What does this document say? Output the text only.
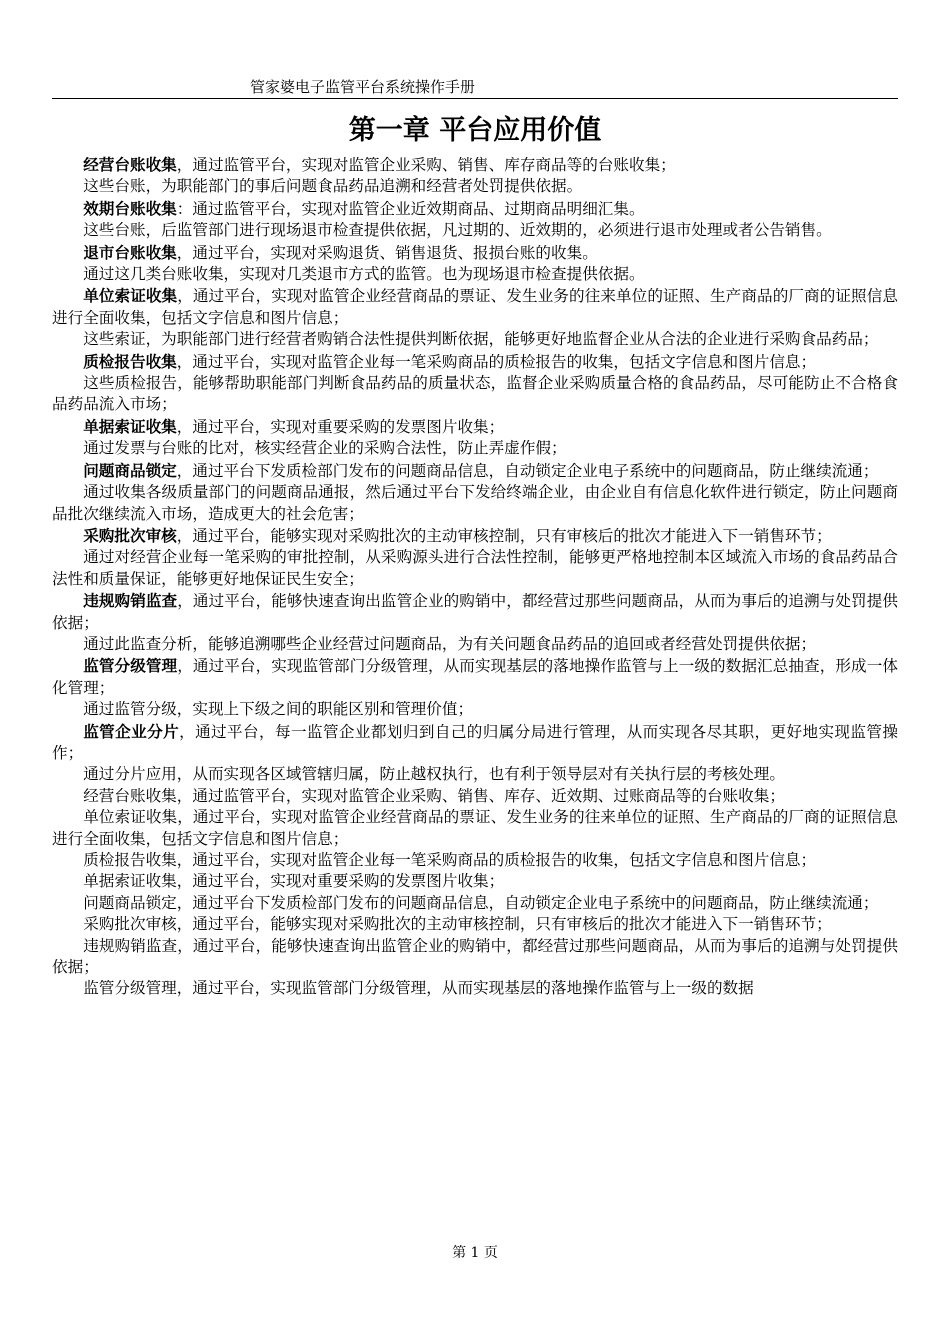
管家婆电子监管平台系统操作手册
第一章 平台应用价值

经营台账收集，通过监管平台，实现对监管企业采购、销售、库存商品等的台账收集；

这些台账，为职能部门的事后问题食品药品追溯和经营者处罚提供依据。

效期台账收集：通过监管平台，实现对监管企业近效期商品、过期商品明细汇集。

这些台账，后监管部门进行现场退市检查提供依据，凡过期的、近效期的，必须进行退市处理或者公告销售。

退市台账收集，通过平台，实现对采购退货、销售退货、报损台账的收集。

通过这几类台账收集，实现对几类退市方式的监管。也为现场退市检查提供依据。

单位索证收集，通过平台，实现对监管企业经营商品的票证、发生业务的往来单位的证照、生产商品的厂商的证照信息进行全面收集，包括文字信息和图片信息；

这些索证，为职能部门进行经营者购销合法性提供判断依据，能够更好地监督企业从合法的企业进行采购食品药品；

质检报告收集，通过平台，实现对监管企业每一笔采购商品的质检报告的收集，包括文字信息和图片信息；

这些质检报告，能够帮助职能部门判断食品药品的质量状态，监督企业采购质量合格的食品药品，尽可能防止不合格食品药品流入市场；

单据索证收集，通过平台，实现对重要采购的发票图片收集；

通过发票与台账的比对，核实经营企业的采购合法性，防止弄虚作假；

问题商品锁定，通过平台下发质检部门发布的问题商品信息，自动锁定企业电子系统中的问题商品，防止继续流通；

通过收集各级质量部门的问题商品通报，然后通过平台下发给终端企业，由企业自有信息化软件进行锁定，防止问题商品批次继续流入市场，造成更大的社会危害；

采购批次审核，通过平台，能够实现对采购批次的主动审核控制，只有审核后的批次才能进入下一销售环节；

通过对经营企业每一笔采购的审批控制，从采购源头进行合法性控制，能够更严格地控制本区域流入市场的食品药品合法性和质量保证，能够更好地保证民生安全；

违规购销监查，通过平台，能够快速查询出监管企业的购销中，都经营过那些问题商品，从而为事后的追溯与处罚提供依据；

通过此监查分析，能够追溯哪些企业经营过问题商品，为有关问题食品药品的追回或者经营处罚提供依据；

监管分级管理，通过平台，实现监管部门分级管理，从而实现基层的落地操作监管与上一级的数据汇总抽查，形成一体化管理；

通过监管分级，实现上下级之间的职能区别和管理价值；

监管企业分片，通过平台，每一监管企业都划归到自己的归属分局进行管理，从而实现各尽其职，更好地实现监管操作；

通过分片应用，从而实现各区域管辖归属，防止越权执行，也有利于领导层对有关执行层的考核处理。

经营台账收集，通过监管平台，实现对监管企业采购、销售、库存、近效期、过账商品等的台账收集；

单位索证收集，通过平台，实现对监管企业经营商品的票证、发生业务的往来单位的证照、生产商品的厂商的证照信息进行全面收集，包括文字信息和图片信息；

质检报告收集，通过平台，实现对监管企业每一笔采购商品的质检报告的收集，包括文字信息和图片信息；

单据索证收集，通过平台，实现对重要采购的发票图片收集；

问题商品锁定，通过平台下发质检部门发布的问题商品信息，自动锁定企业电子系统中的问题商品，防止继续流通；

采购批次审核，通过平台，能够实现对采购批次的主动审核控制，只有审核后的批次才能进入下一销售环节；

违规购销监查，通过平台，能够快速查询出监管企业的购销中，都经营过那些问题商品，从而为事后的追溯与处罚提供依据；

监管分级管理，通过平台，实现监管部门分级管理，从而实现基层的落地操作监管与上一级的数据

第 1 页
